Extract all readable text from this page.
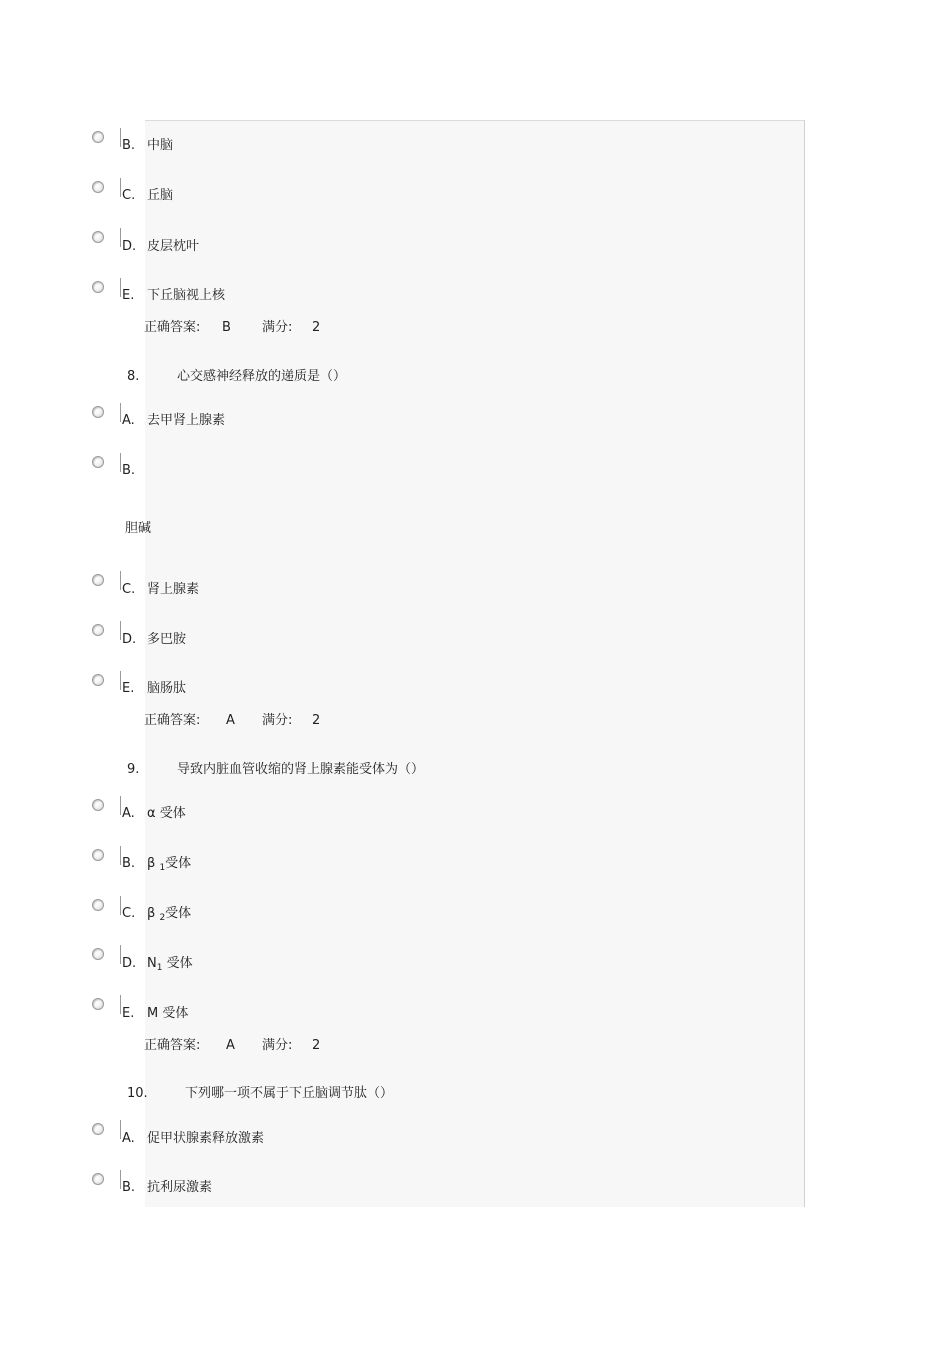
B. 中脑
C. 丘脑
D. 皮层枕叶
E. 下丘脑视上核
正确答案: B 满分: 2
8.	心交感神经释放的递质是（）
A. 去甲肾上腺素
B.
胆碱
C. 肾上腺素
D. 多巴胺
E. 脑肠肽
正确答案: A 满分: 2
9.	导致内脏血管收缩的肾上腺素能受体为（）
A. α 受体
B. β $_1$受体
C. β $_2$受体
D. $N_1$ 受体
E. M 受体
正确答案: A 满分: 2
10.	下列哪一项不属于下丘脑调节肽（）
A. 促甲状腺素释放激素
B. 抗利尿激素
